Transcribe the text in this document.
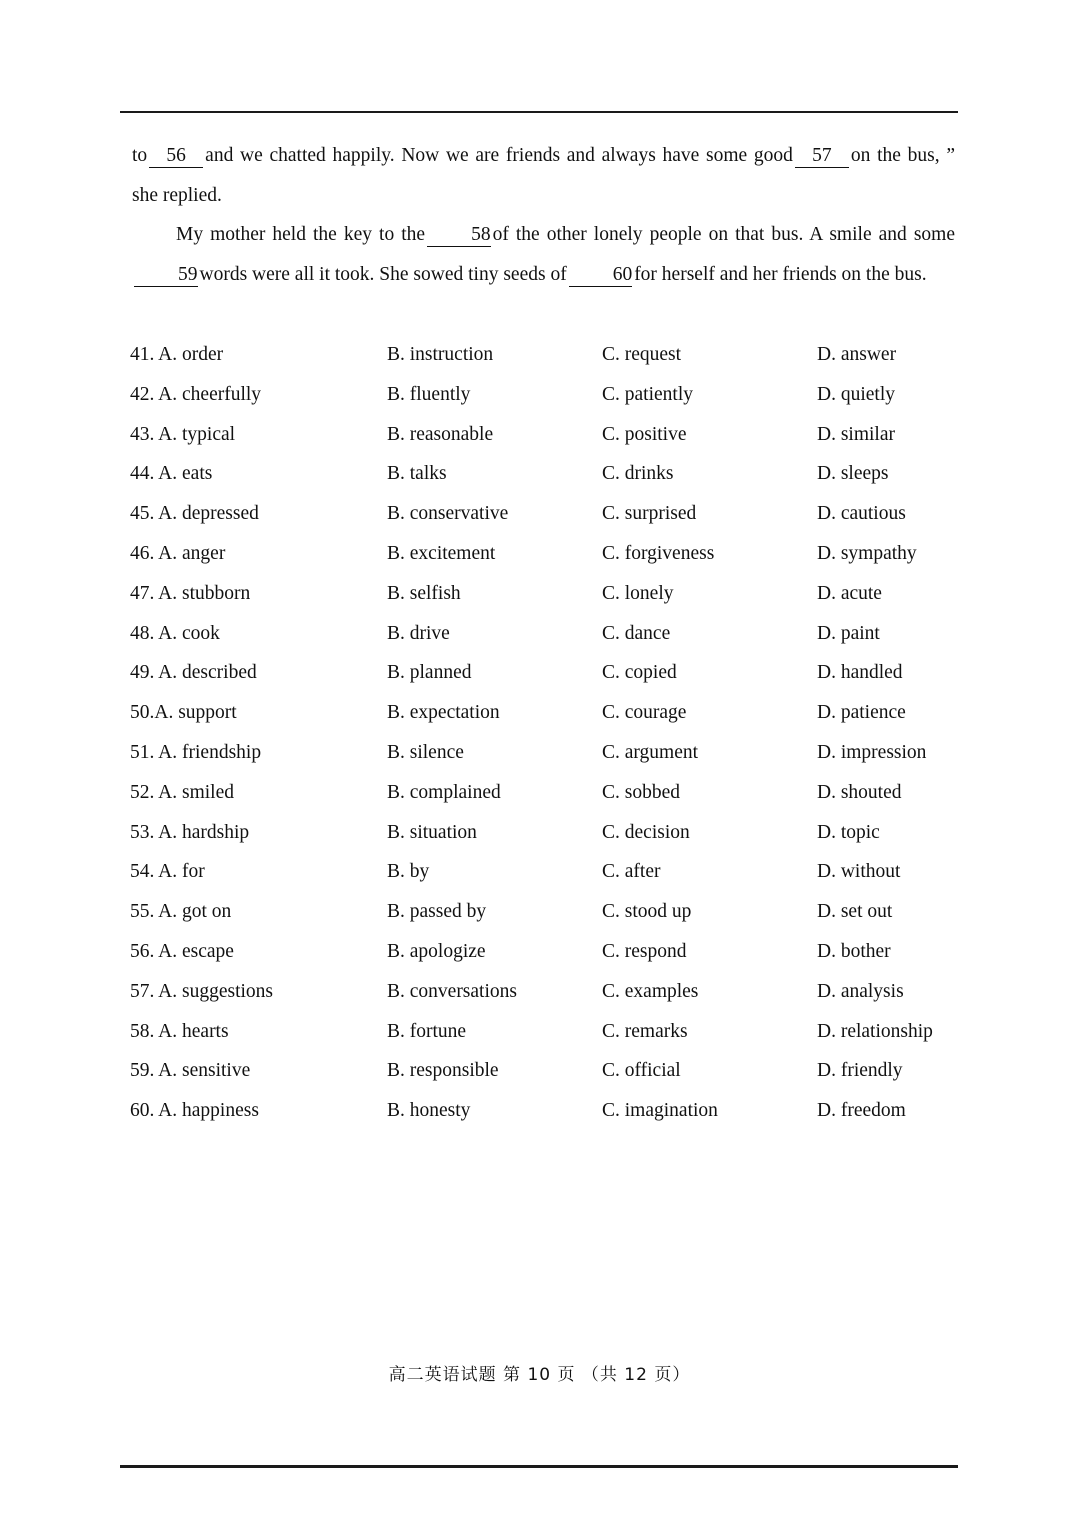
to 56 and we chatted happily. Now we are friends and always have some good 57 on the bus, ” she replied.

My mother held the key to the 58 of the other lonely people on that bus. A smile and some59 words were all it took. She sowed tiny seeds of 60 for herself and her friends on the bus.

41. A. order	B. instruction	C. request	D. answer
42. A. cheerfully	B. fluently	C. patiently	D. quietly
43. A. typical	B. reasonable	C. positive	D. similar
44. A. eats	B. talks	C. drinks	D. sleeps
45. A. depressed	B. conservative	C. surprised	D. cautious
46. A. anger	B. excitement	C. forgiveness	D. sympathy
47. A. stubborn	B. selfish	C. lonely	D. acute
48. A. cook	B. drive	C. dance	D. paint
49. A. described	B. planned	C. copied	D. handled
50.A. support	B. expectation	C. courage	D. patience
51. A. friendship	B. silence	C. argument	D. impression
52. A. smiled	B. complained	C. sobbed	D. shouted
53. A. hardship	B. situation	C. decision	D. topic
54. A. for	B. by	C. after	D. without
55. A. got on	B. passed by	C. stood up	D. set out
56. A. escape	B. apologize	C. respond	D. bother
57. A. suggestions	B. conversations	C. examples	D. analysis
58. A. hearts	B. fortune	C. remarks	D. relationship
59. A. sensitive	B. responsible	C. official	D. friendly
60. A. happiness	B. honesty	C. imagination	D. freedom
高二英语试题 第 10 页 （共 12 页）
